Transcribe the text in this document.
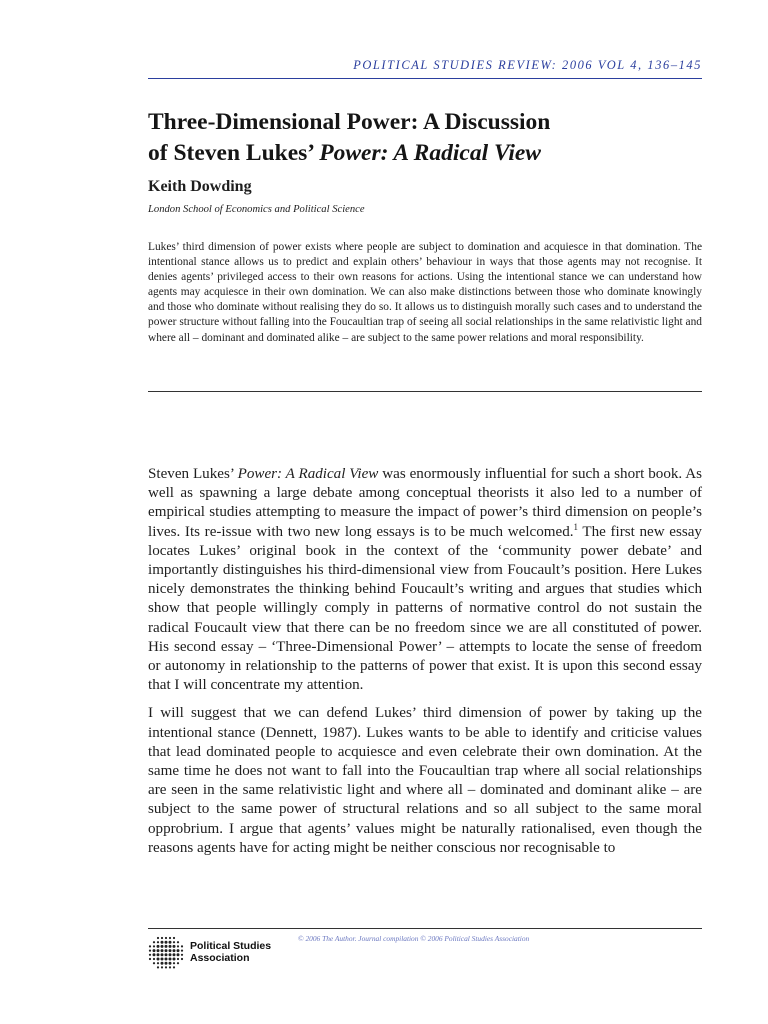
POLITICAL STUDIES REVIEW: 2006 VOL 4, 136–145
Three-Dimensional Power: A Discussion
of Steven Lukes’ Power: A Radical View
Keith Dowding
London School of Economics and Political Science
Lukes’ third dimension of power exists where people are subject to domination and acquiesce in that domination. The intentional stance allows us to predict and explain others’ behaviour in ways that those agents may not recognise. It denies agents’ privileged access to their own reasons for actions. Using the intentional stance we can understand how agents may acquiesce in their own domination. We can also make distinctions between those who dominate knowingly and those who dominate without realising they do so. It allows us to distinguish morally such cases and to understand the power structure without falling into the Foucaultian trap of seeing all social relationships in the same relativistic light and where all – dominant and dominated alike – are subject to the same power relations and moral responsibility.

Steven Lukes’ Power: A Radical View was enormously influential for such a short book. As well as spawning a large debate among conceptual theorists it also led to a number of empirical studies attempting to measure the impact of power’s third dimension on people’s lives. Its re-issue with two new long essays is to be much welcomed.$^1$ The first new essay locates Lukes’ original book in the context of the ‘community power debate’ and importantly distinguishes his third-dimensional view from Foucault’s position. Here Lukes nicely demonstrates the thinking behind Foucault’s writing and argues that studies which show that people willingly comply in patterns of normative control do not sustain the radical Foucault view that there can be no freedom since we are all constituted of power. His second essay – ‘Three-Dimensional Power’ – attempts to locate the sense of freedom or autonomy in relationship to the patterns of power that exist. It is upon this second essay that I will concentrate my attention.

I will suggest that we can defend Lukes’ third dimension of power by taking up the intentional stance (Dennett, 1987). Lukes wants to be able to identify and criticise values that lead dominated people to acquiesce and even celebrate their own domination. At the same time he does not want to fall into the Foucaultian trap where all social relationships are seen in the same relativistic light and where all – dominated and dominant alike – are subject to the same power of structural relations and so all subject to the same moral opprobrium. I argue that agents’ values might be naturally rationalised, even though the reasons agents have for acting might be neither conscious nor recognisable to

© 2006 The Author. Journal compilation © 2006 Political Studies Association
Political Studies
Association
